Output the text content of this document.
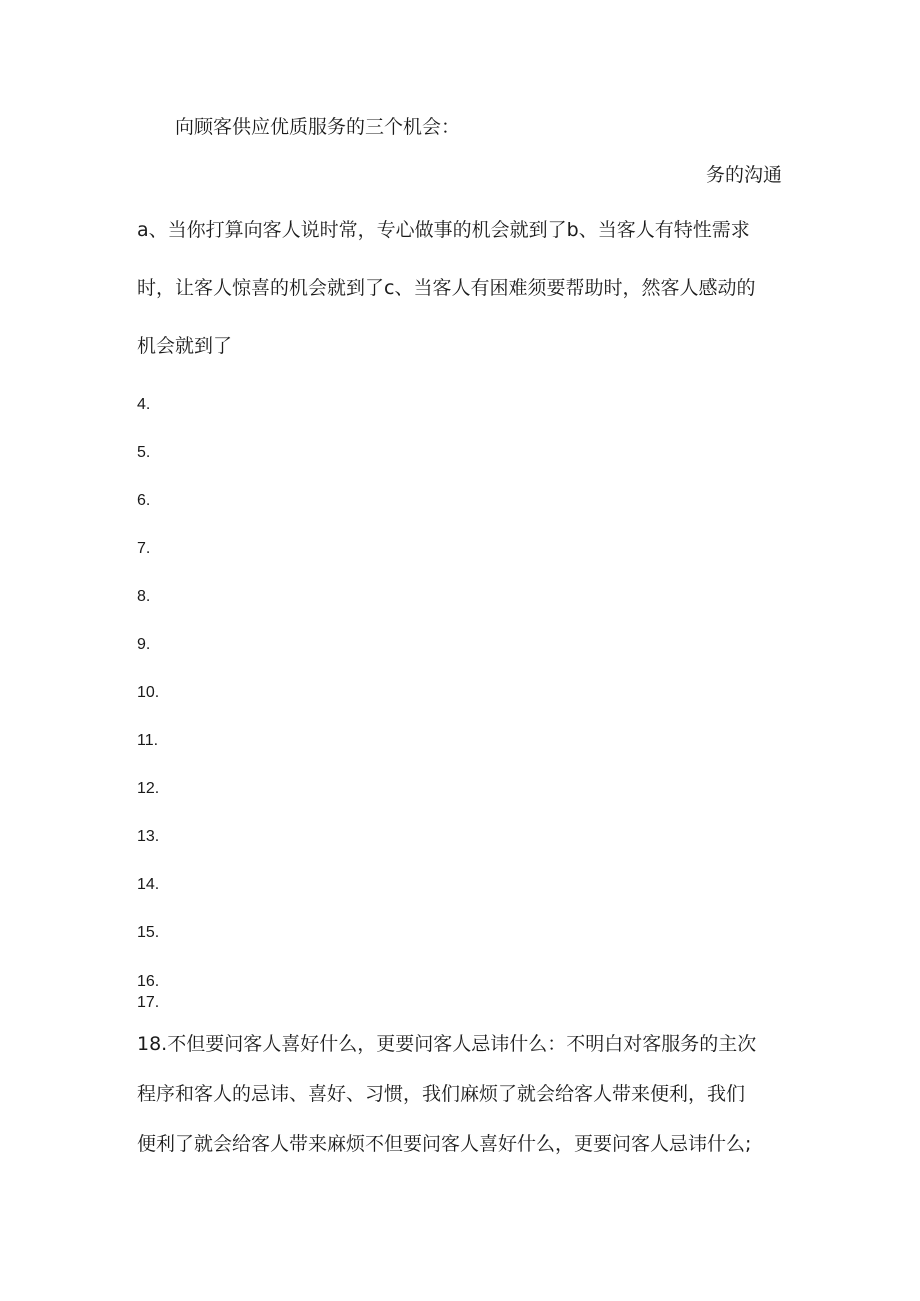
向顾客供应优质服务的三个机会：

务的沟通

a、当你打算向客人说时常，专心做事的机会就到了b、当客人有特性需求

时，让客人惊喜的机会就到了c、当客人有困难须要帮助时，然客人感动的

机会就到了

4.

5.

6.

7.

8.

9.

10.

11.

12.

13.

14.

15.

16.

17.

18.不但要问客人喜好什么，更要问客人忌讳什么：不明白对客服务的主次

程序和客人的忌讳、喜好、习惯，我们麻烦了就会给客人带来便利，我们

便利了就会给客人带来麻烦不但要问客人喜好什么，更要问客人忌讳什么;
